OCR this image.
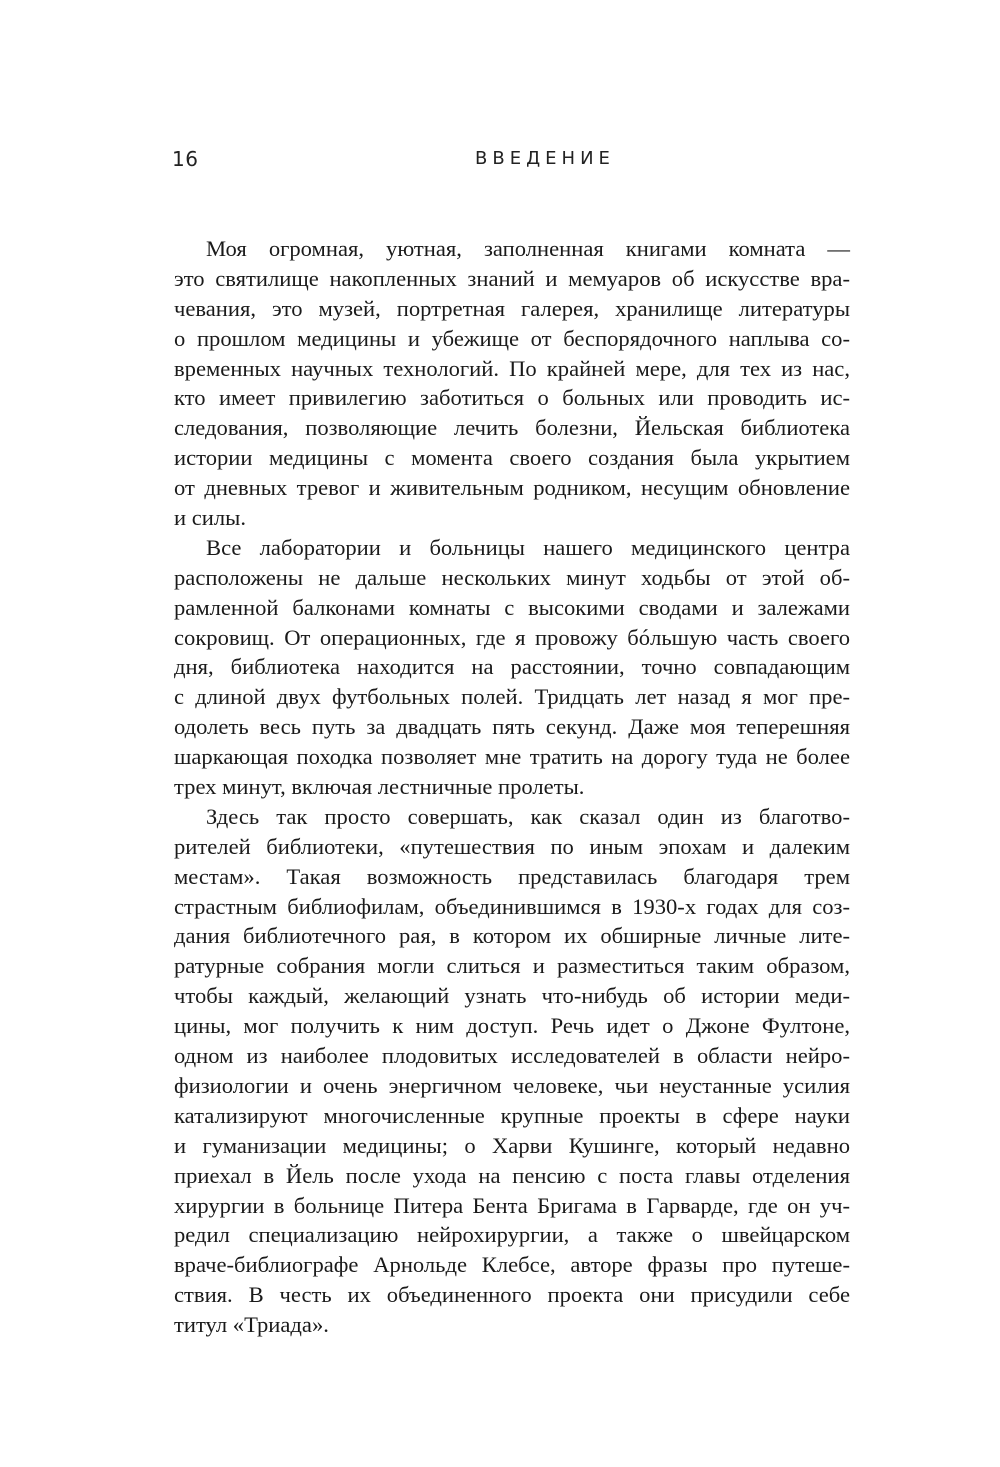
16	ВВЕДЕНИЕ

Моя огромная, уютная, заполненная книгами комната —
это святилище накопленных знаний и мемуаров об искусстве вра-
чевания, это музей, портретная галерея, хранилище литературы
о прошлом медицины и убежище от беспорядочного наплыва со-
временных научных технологий. По крайней мере, для тех из нас,
кто имеет привилегию заботиться о больных или проводить ис-
следования, позволяющие лечить болезни, Йельская библиотека
истории медицины с момента своего создания была укрытием
от дневных тревог и живительным родником, несущим обновление
и силы.

Все лаборатории и больницы нашего медицинского центра
расположены не дальше нескольких минут ходьбы от этой об-
рамленной балконами комнаты с высокими сводами и залежами
сокровищ. От операционных, где я провожу бóльшую часть своего
дня, библиотека находится на расстоянии, точно совпадающим
с длиной двух футбольных полей. Тридцать лет назад я мог пре-
одолеть весь путь за двадцать пять секунд. Даже моя теперешняя
шаркающая походка позволяет мне тратить на дорогу туда не более
трех минут, включая лестничные пролеты.

Здесь так просто совершать, как сказал один из благотво-
рителей библиотеки, «путешествия по иным эпохам и далеким
местам». Такая возможность представилась благодаря трем
страстным библиофилам, объединившимся в 1930-х годах для соз-
дания библиотечного рая, в котором их обширные личные лите-
ратурные собрания могли слиться и разместиться таким образом,
чтобы каждый, желающий узнать что-нибудь об истории меди-
цины, мог получить к ним доступ. Речь идет о Джоне Фултоне,
одном из наиболее плодовитых исследователей в области нейро-
физиологии и очень энергичном человеке, чьи неустанные усилия
катализируют многочисленные крупные проекты в сфере науки
и гуманизации медицины; о Харви Кушинге, который недавно
приехал в Йель после ухода на пенсию с поста главы отделения
хирургии в больнице Питера Бента Бригама в Гарварде, где он уч-
редил специализацию нейрохирургии, а также о швейцарском
враче-библиографе Арнольде Клебсе, авторе фразы про путеше-
ствия. В честь их объединенного проекта они присудили себе
титул «Триада».
